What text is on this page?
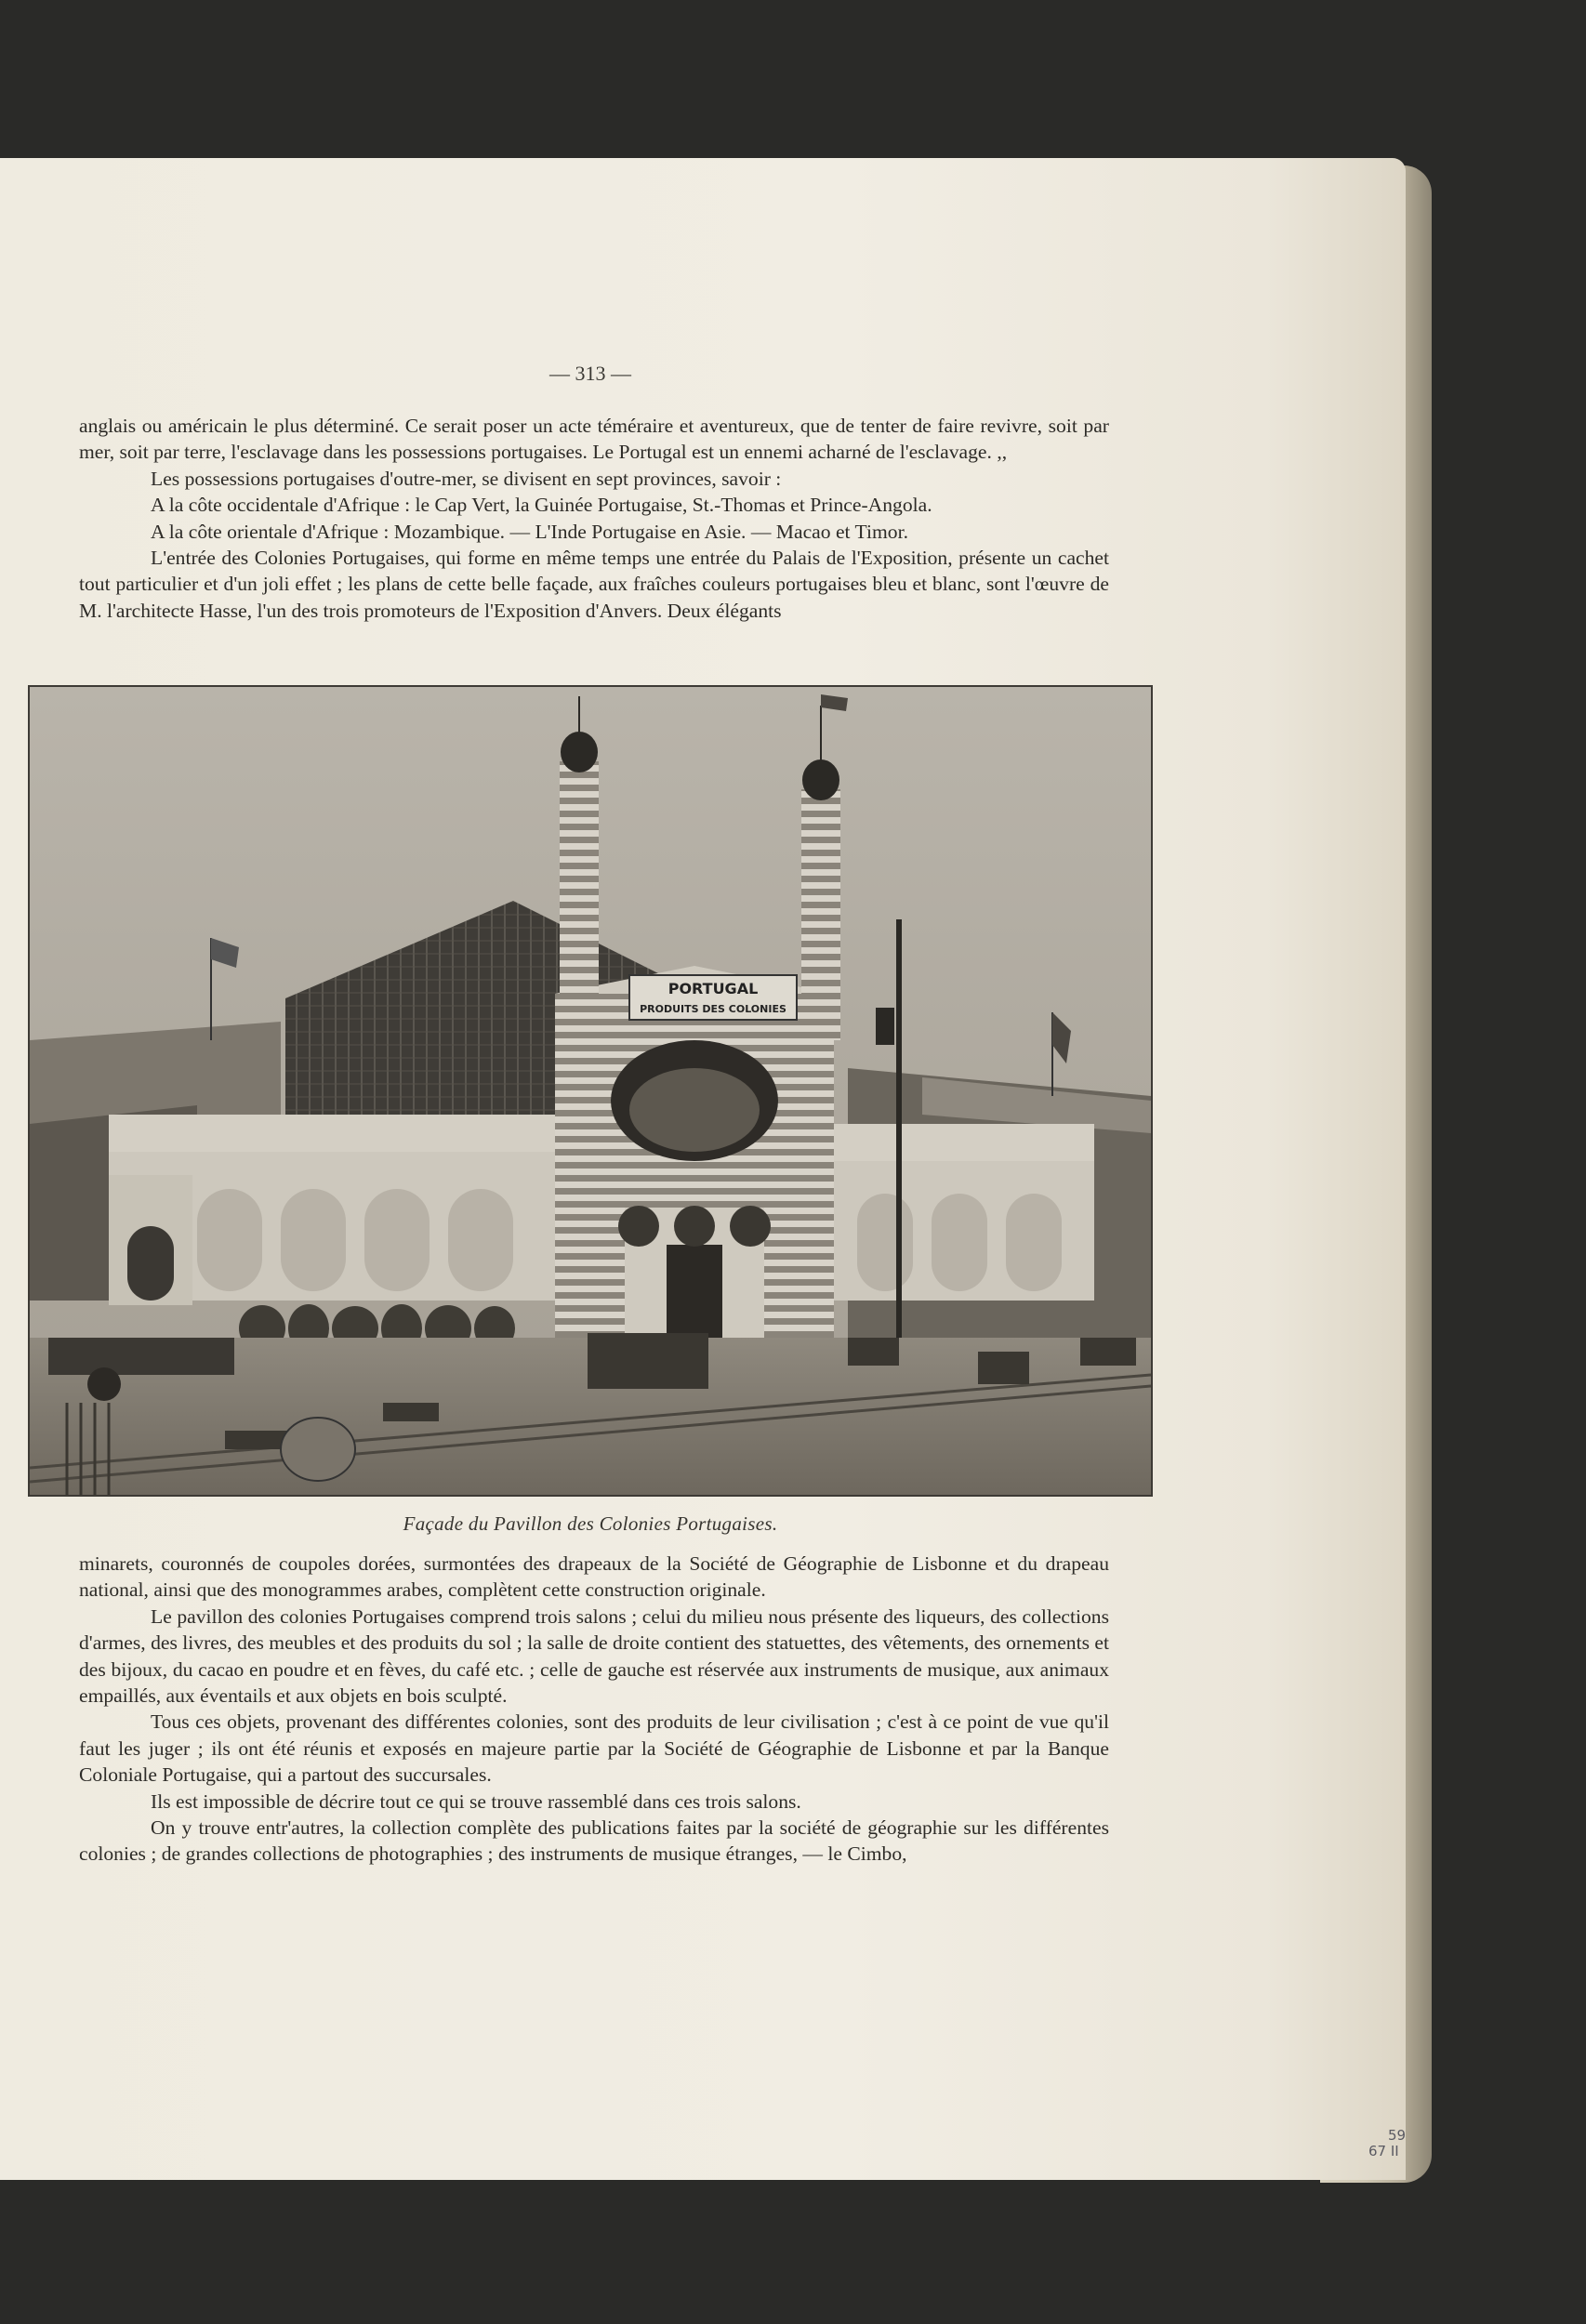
— 313 —

anglais ou américain le plus déterminé. Ce serait poser un acte téméraire et aventureux, que de tenter de faire revivre, soit par mer, soit par terre, l'esclavage dans les possessions portugaises. Le Portugal est un ennemi acharné de l'esclavage. ,,

Les possessions portugaises d'outre-mer, se divisent en sept provinces, savoir :

A la côte occidentale d'Afrique : le Cap Vert, la Guinée Portugaise, St.-Thomas et Prince-Angola.

A la côte orientale d'Afrique : Mozambique. — L'Inde Portugaise en Asie. — Macao et Timor.

L'entrée des Colonies Portugaises, qui forme en même temps une entrée du Palais de l'Exposition, présente un cachet tout particulier et d'un joli effet ; les plans de cette belle façade, aux fraîches couleurs portugaises bleu et blanc, sont l'œuvre de M. l'architecte Hasse, l'un des trois promoteurs de l'Exposition d'Anvers. Deux élégants

PORTUGAL
PRODUITS DES COLONIES
Façade du Pavillon des Colonies Portugaises.

minarets, couronnés de coupoles dorées, surmontées des drapeaux de la Société de Géographie de Lisbonne et du drapeau national, ainsi que des monogrammes arabes, complètent cette construction originale.

Le pavillon des colonies Portugaises comprend trois salons ; celui du milieu nous présente des liqueurs, des collections d'armes, des livres, des meubles et des produits du sol ; la salle de droite contient des statuettes, des vêtements, des ornements et des bijoux, du cacao en poudre et en fèves, du café etc. ; celle de gauche est réservée aux instruments de musique, aux animaux empaillés, aux éventails et aux objets en bois sculpté.

Tous ces objets, provenant des différentes colonies, sont des produits de leur civilisation ; c'est à ce point de vue qu'il faut les juger ; ils ont été réunis et exposés en majeure partie par la Société de Géographie de Lisbonne et par la Banque Coloniale Portugaise, qui a partout des succursales.

Ils est impossible de décrire tout ce qui se trouve rassemblé dans ces trois salons.

On y trouve entr'autres, la collection complète des publications faites par la société de géographie sur les différentes colonies ; de grandes collections de photographies ; des instruments de musique étranges, — le Cimbo,

59
67 II
